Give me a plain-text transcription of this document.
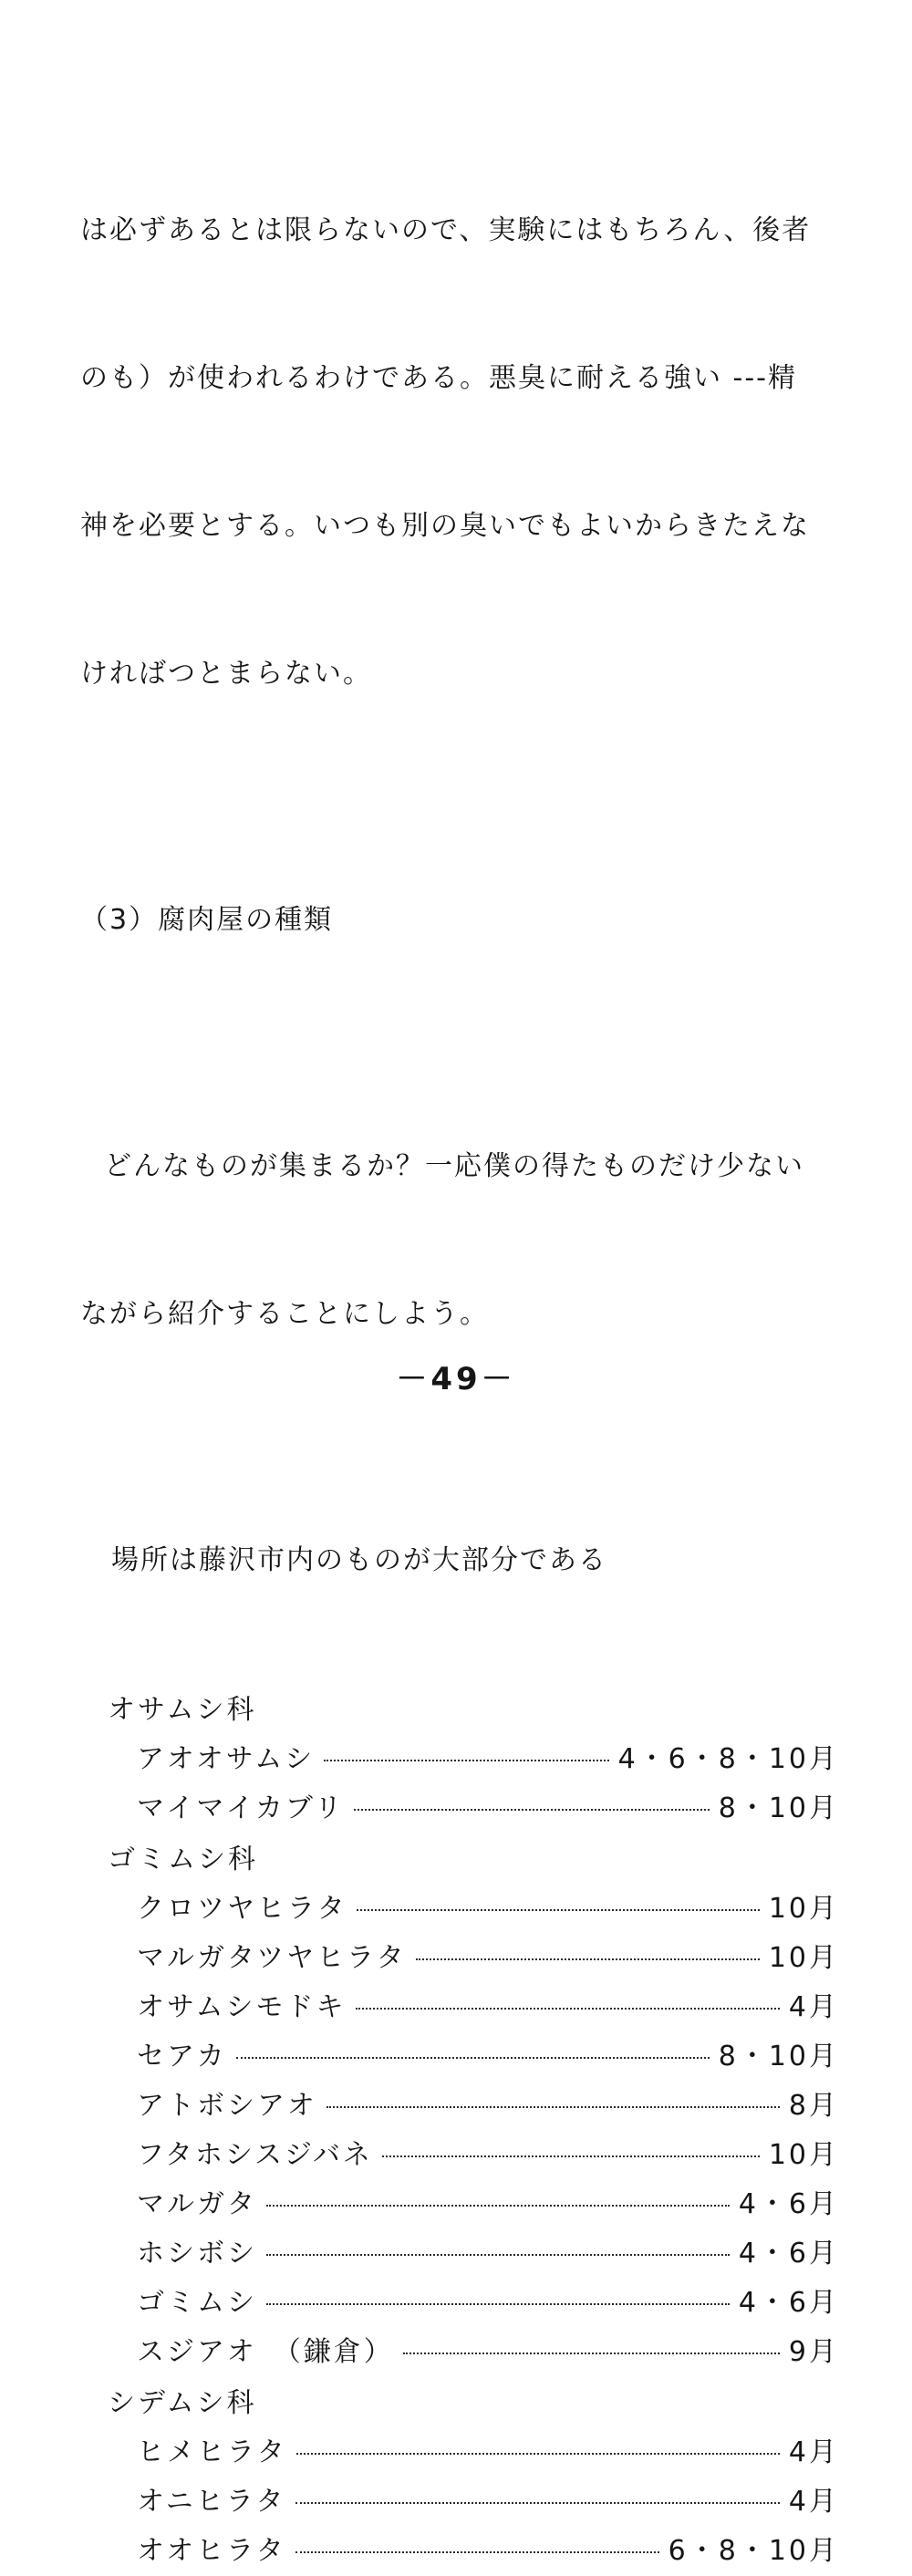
は必ずあるとは限らないので、実験にはもちろん、後者

のも）が使われるわけである。悪臭に耐える強い ---精

神を必要とする。いつも別の臭いでもよいからきたえな

ければつとまらない。

（3）腐肉屋の種類

どんなものが集まるか？一応僕の得たものだけ少ない

ながら紹介することにしよう。

場所は藤沢市内のものが大部分である

オサムシ科
アオオサムシ	4・6・8・10月
マイマイカブリ	8・10月
ゴミムシ科
クロツヤヒラタ	10月
マルガタツヤヒラタ	10月
オサムシモドキ	4月
セアカ	8・10月
アトボシアオ	8月
フタホシスジバネ	10月
マルガタ	4・6月
ホシボシ	4・6月
ゴミムシ	4・6月
スジアオ　（鎌倉）	9月
シデムシ科
ヒメヒラタ	4月
オニヒラタ	4月
オオヒラタ	6・8・10月
－49－
